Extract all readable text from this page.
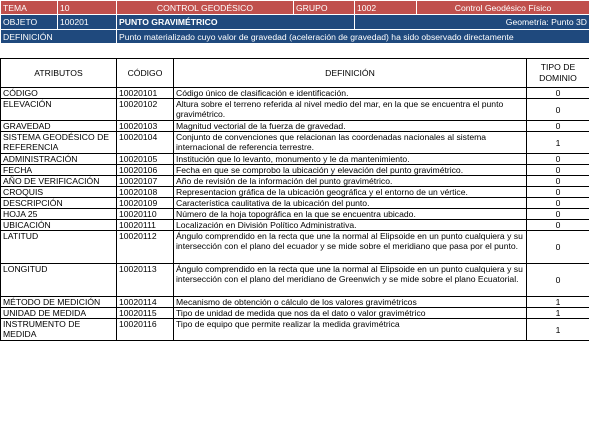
TEMA	10	CONTROL GEODÉSICO	GRUPO	1002	Control Geodésico Físico
OBJETO	100201	PUNTO GRAVIMÉTRICO		Geometría: Punto 3D	
DEFINICIÓN		Punto materializado cuyo valor de gravedad (aceleración de gravedad) ha sido observado directamente			
ATRIBUTOS	CÓDIGO	DEFINICIÓN	TIPO DE DOMINIO
CÓDIGO	10020101	Código único de clasificación e identificación.	0
ELEVACIÓN	10020102	Altura sobre el terreno referida al nivel medio del mar, en la que se encuentra el punto gravimétrico.	0
GRAVEDAD	10020103	Magnitud vectorial de la fuerza de gravedad.	0
SISTEMA GEODÉSICO DE REFERENCIA	10020104	Conjunto de convenciones que relacionan las coordenadas nacionales al sistema internacional de referencia terrestre.	1
ADMINISTRACIÓN	10020105	Institución que lo levanto, monumento y le da mantenimiento.	0
FECHA	10020106	Fecha en que se comprobo la ubicación y elevación del punto gravimétrico.	0
AÑO DE VERIFICACIÓN	10020107	Año de revisión de la información del punto gravimétrico.	0
CROQUIS	10020108	Representacion gráfica de la ubicación geográfica y el entorno de un vértice.	0
DESCRIPCIÓN	10020109	Característica caulitativa de la ubicación del punto.	0
HOJA 25	10020110	Número de la hoja topográfica en la que se encuentra ubicado.	0
UBICACIÓN	10020111	Localización en División Político Administrativa.	0
LATITUD	10020112	Ángulo comprendido en la recta que une la normal al Elipsoide en un punto cualquiera y su intersección con el plano del ecuador y se mide sobre el meridiano que pasa por el punto.	0
LONGITUD	10020113	Ángulo comprendido en la recta que une la normal al Elipsoide en un punto cualquiera y su intersección con el plano del meridiano de Greenwich y se mide sobre el plano Ecuatorial.	0
MÉTODO DE MEDICIÓN	10020114	Mecanismo de obtención o cálculo de los valores gravimétricos	1
UNIDAD DE MEDIDA	10020115	Tipo de unidad de medida que nos da el dato o valor gravimétrico	1
INSTRUMENTO DE MEDIDA	10020116	Tipo de equipo que permite realizar la medida gravimétrica	1
